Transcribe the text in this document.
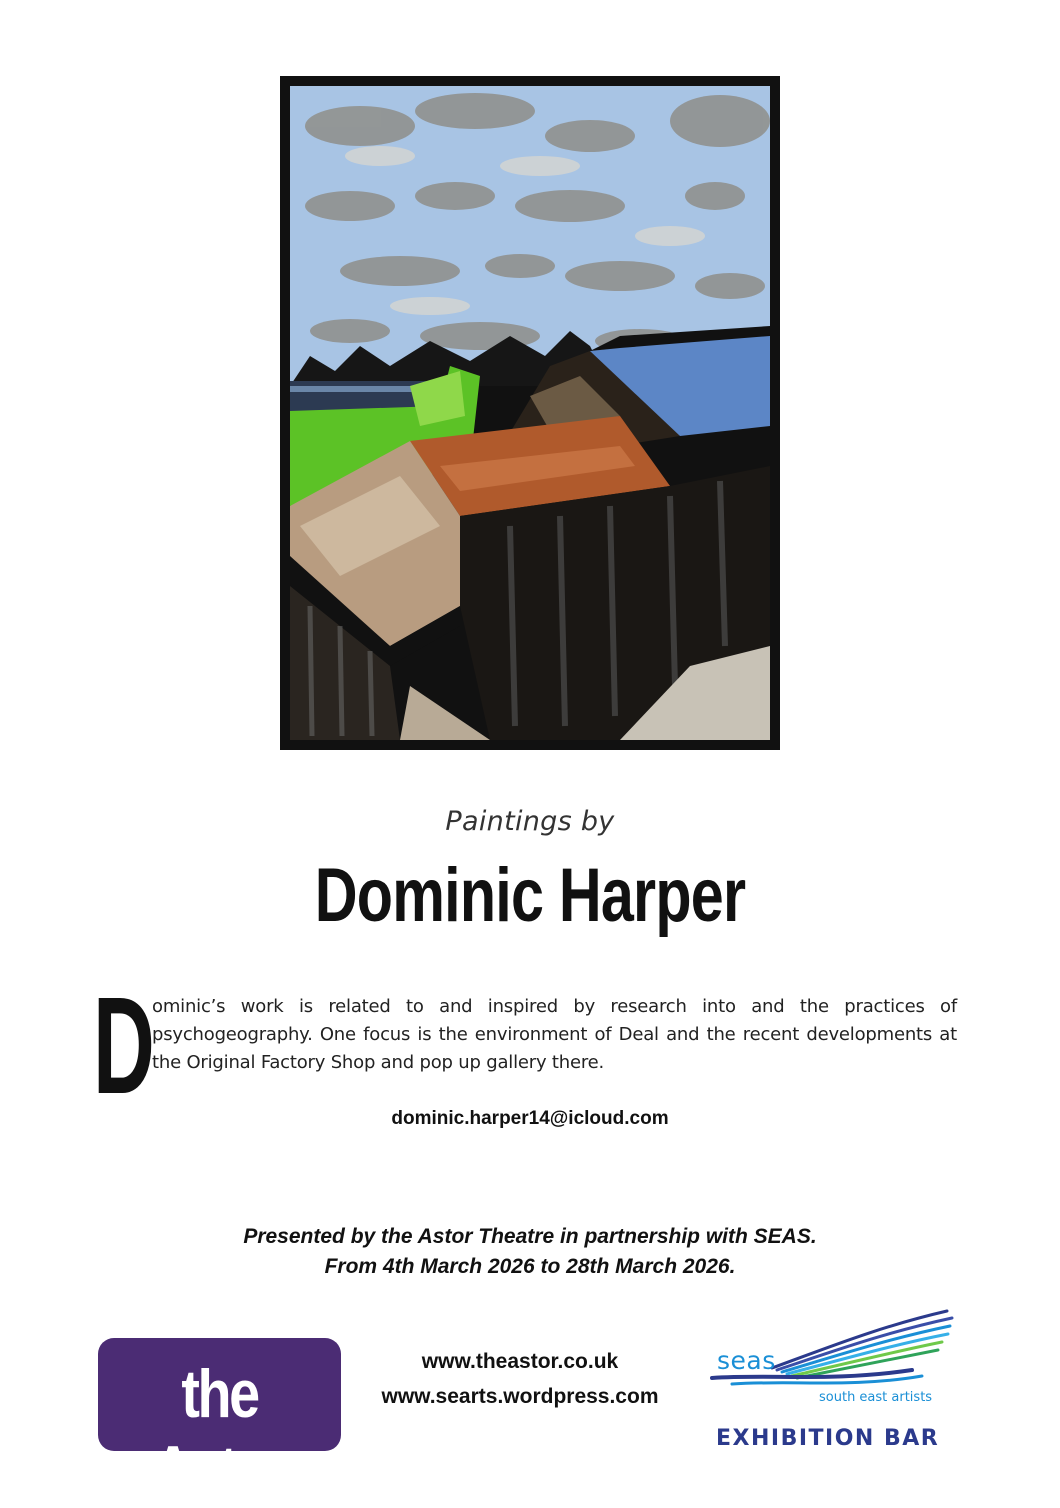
Paintings by
Dominic Harper
D
ominic’s work is related to and inspired by research into and the practices of psychogeography. One focus is the environment of Deal and the recent developments at the Original Factory Shop and pop up gallery there.
dominic.harper14@icloud.com
Presented by the Astor Theatre in partnership with SEAS.
From 4th March 2026 to 28th March 2026.
the Astor
www.theastor.co.uk
www.searts.wordpress.com
seas
south east artists
EXHIBITION BAR
